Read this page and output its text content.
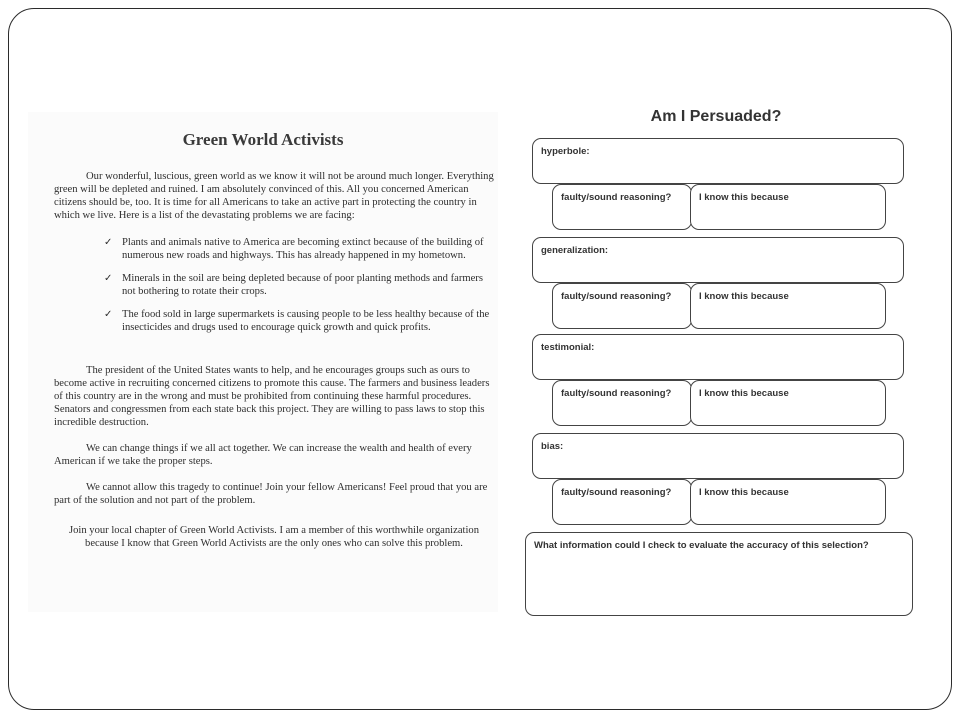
Green World Activists

Our wonderful, luscious, green world as we know it will not be around much longer. Everything green will be depleted and ruined. I am absolutely convinced of this. All you concerned American citizens should be, too. It is time for all Americans to take an active part in protecting the country in which we live. Here is a list of the devastating problems we are facing:

✓ Plants and animals native to America are becoming extinct because of the building of numerous new roads and highways. This has already happened in my hometown.
✓ Minerals in the soil are being depleted because of poor planting methods and farmers not bothering to rotate their crops.
✓ The food sold in large supermarkets is causing people to be less healthy because of the insecticides and drugs used to encourage quick growth and quick profits.

The president of the United States wants to help, and he encourages groups such as ours to become active in recruiting concerned citizens to promote this cause. The farmers and business leaders of this country are in the wrong and must be prohibited from continuing these harmful procedures. Senators and congressmen from each state back this project. They are willing to pass laws to stop this incredible destruction.

We can change things if we all act together. We can increase the wealth and health of every American if we take the proper steps.

We cannot allow this tragedy to continue! Join your fellow Americans! Feel proud that you are part of the solution and not part of the problem.

Join your local chapter of Green World Activists. I am a member of this worthwhile organization because I know that Green World Activists are the only ones who can solve this problem.

Am I Persuaded?
hyperbole:
faulty/sound reasoning?	I know this because
generalization:
faulty/sound reasoning?	I know this because
testimonial:
faulty/sound reasoning?	I know this because
bias:
faulty/sound reasoning?	I know this because
What information could I check to evaluate the accuracy of this selection?
